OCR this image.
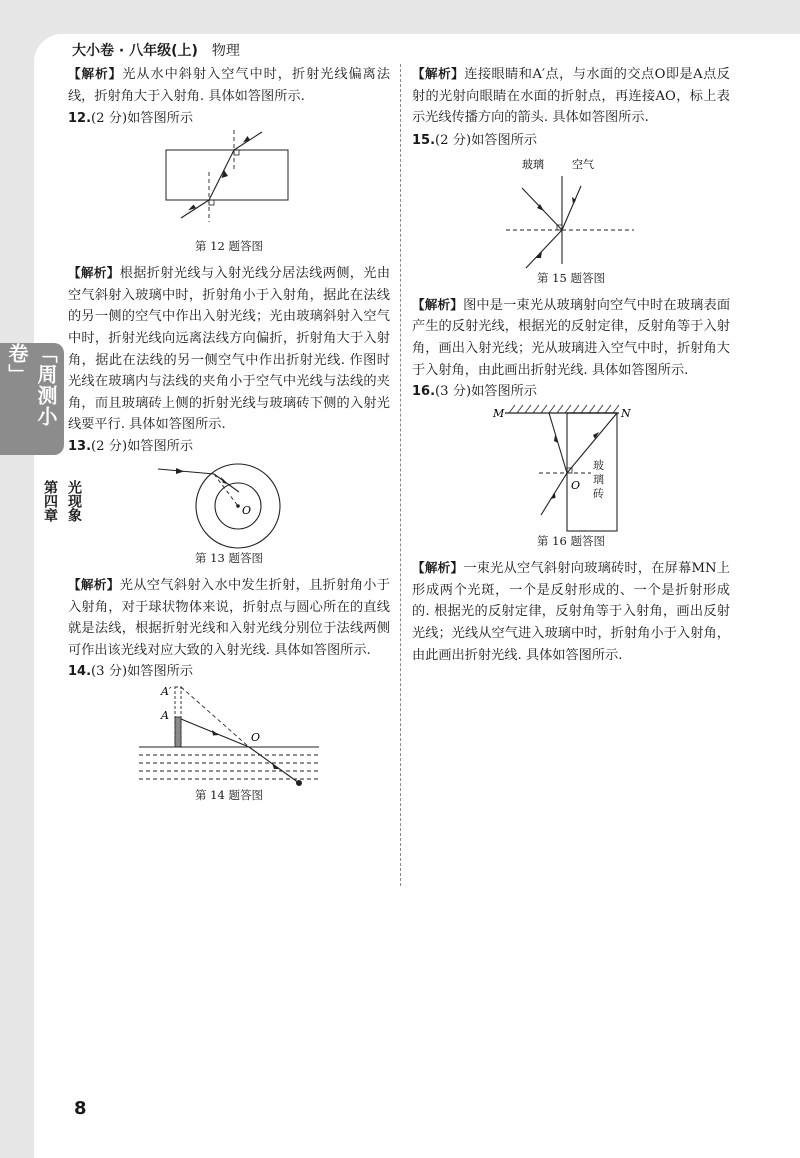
大小卷 · 八年级(上) 物理
「周测小卷」
第四章 光现象

【解析】光从水中斜射入空气中时，折射光线偏离法线，折射角大于入射角. 具体如答图所示.

12.(2 分)如答图所示

第 12 题答图

【解析】根据折射光线与入射光线分居法线两侧，光由空气斜射入玻璃中时，折射角小于入射角，据此在法线的另一侧的空气中作出入射光线；光由玻璃斜射入空气中时，折射光线向远离法线方向偏折，折射角大于入射角，据此在法线的另一侧空气中作出折射光线. 作图时光线在玻璃内与法线的夹角小于空气中光线与法线的夹角，而且玻璃砖上侧的折射光线与玻璃砖下侧的入射光线要平行. 具体如答图所示.

13.(2 分)如答图所示

O
第 13 题答图

【解析】光从空气斜射入水中发生折射，且折射角小于入射角，对于球状物体来说，折射点与圆心所在的直线就是法线，根据折射光线和入射光线分别位于法线两侧可作出该光线对应大致的入射光线. 具体如答图所示.

14.(3 分)如答图所示

A′
A
O
第 14 题答图

【解析】连接眼睛和A′点，与水面的交点O即是A点反射的光射向眼睛在水面的折射点，再连接AO，标上表示光线传播方向的箭头. 具体如答图所示.

15.(2 分)如答图所示

玻璃	空气
第 15 题答图

【解析】图中是一束光从玻璃射向空气中时在玻璃表面产生的反射光线，根据光的反射定律，反射角等于入射角，画出入射光线；光从玻璃进入空气中时，折射角大于入射角，由此画出折射光线. 具体如答图所示.

16.(3 分)如答图所示

M	N
O
玻璃砖
第 16 题答图

【解析】一束光从空气斜射向玻璃砖时，在屏幕MN上形成两个光斑，一个是反射形成的、一个是折射形成的. 根据光的反射定律，反射角等于入射角，画出反射光线；光线从空气进入玻璃中时，折射角小于入射角，由此画出折射光线. 具体如答图所示.

8
